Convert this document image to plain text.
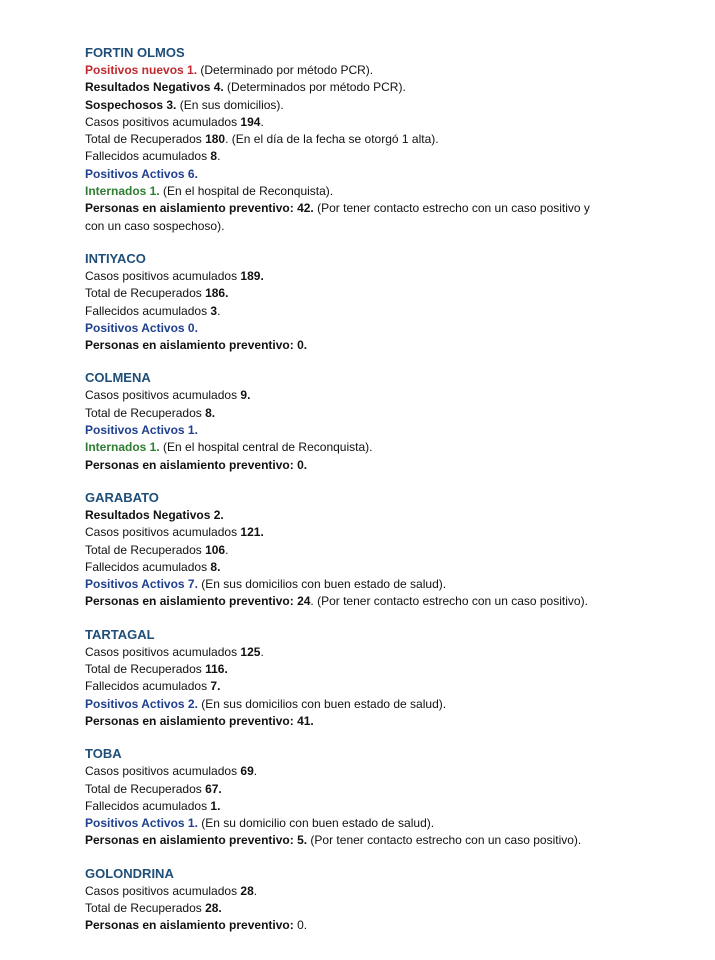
FORTIN OLMOS
Positivos nuevos 1. (Determinado por método PCR).
Resultados Negativos 4. (Determinados por método PCR).
Sospechosos 3. (En sus domicilios).
Casos positivos acumulados 194.
Total de Recuperados 180. (En el día de la fecha se otorgó 1 alta).
Fallecidos acumulados 8.
Positivos Activos 6.
Internados 1. (En el hospital de Reconquista).
Personas en aislamiento preventivo: 42. (Por tener contacto estrecho con un caso positivo y
con un caso sospechoso).
INTIYACO
Casos positivos acumulados 189.
Total de Recuperados 186.
Fallecidos acumulados 3.
Positivos Activos 0.
Personas en aislamiento preventivo: 0.
COLMENA
Casos positivos acumulados 9.
Total de Recuperados 8.
Positivos Activos 1.
Internados 1. (En el hospital central de Reconquista).
Personas en aislamiento preventivo: 0.
GARABATO
Resultados Negativos 2.
Casos positivos acumulados 121.
Total de Recuperados 106.
Fallecidos acumulados 8.
Positivos Activos 7. (En sus domicilios con buen estado de salud).
Personas en aislamiento preventivo: 24. (Por tener contacto estrecho con un caso positivo).
TARTAGAL
Casos positivos acumulados 125.
Total de Recuperados 116.
Fallecidos acumulados 7.
Positivos Activos 2. (En sus domicilios con buen estado de salud).
Personas en aislamiento preventivo: 41.
TOBA
Casos positivos acumulados 69.
Total de Recuperados 67.
Fallecidos acumulados 1.
Positivos Activos 1. (En su domicilio con buen estado de salud).
Personas en aislamiento preventivo: 5. (Por tener contacto estrecho con un caso positivo).
GOLONDRINA
Casos positivos acumulados 28.
Total de Recuperados 28.
Personas en aislamiento preventivo: 0.
